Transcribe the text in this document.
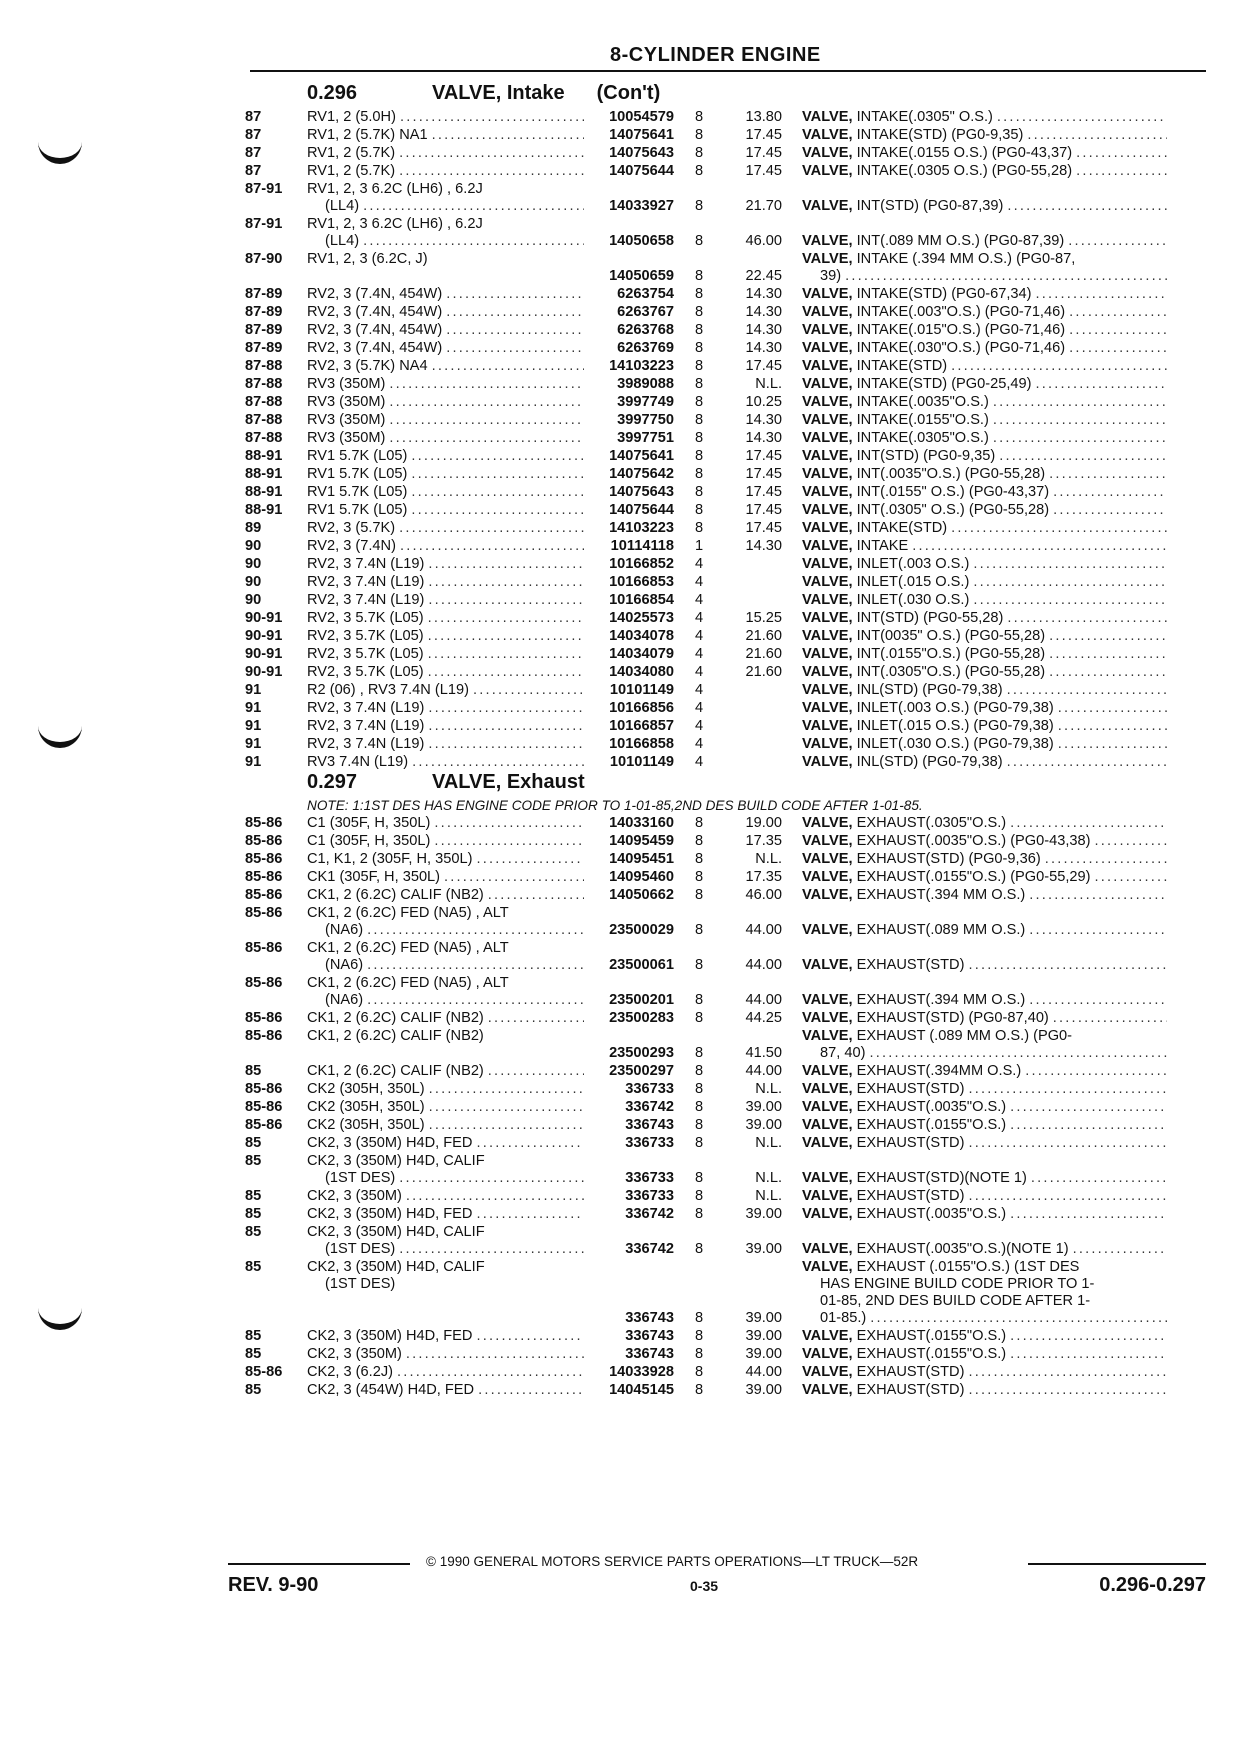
8-CYLINDER ENGINE
0.296	VALVE, Intake (Con't)
87	RV1, 2 (5.0H) .....	10054579	8	13.80 VALVE, INTAKE(.0305" O.S.)
.....
87	RV1, 2 (5.7K) NA1 .....	14075641	8	17.45 VALVE, INTAKE(STD) (PG0-9,35)
.....
87	RV1, 2 (5.7K) .....	14075643	8	17.45 VALVE, INTAKE(.0155 O.S.) (PG0-43,37)
.....
87	RV1, 2 (5.7K) .....	14075644	8	17.45 VALVE, INTAKE(.0305 O.S.) (PG0-55,28)
.....
87-91	RV1, 2, 3 6.2C (LH6) , 6.2J
(LL4) .....	14033927	8	21.70 VALVE, INT(STD) (PG0-87,39)
.....
87-91	RV1, 2, 3 6.2C (LH6) , 6.2J
(LL4) .....	14050658	8	46.00 VALVE, INT(.089 MM O.S.) (PG0-87,39)
.....
87-90	RV1, 2, 3 (6.2C, J)	VALVE, INTAKE (.394 MM O.S.) (PG0-87,
14050659	8	22.45	39)
.....
87-89	RV2, 3 (7.4N, 454W) .....	6263754	8	14.30 VALVE, INTAKE(STD) (PG0-67,34)
.....
87-89	RV2, 3 (7.4N, 454W) .....	6263767	8	14.30 VALVE, INTAKE(.003"O.S.) (PG0-71,46)
.....
87-89	RV2, 3 (7.4N, 454W) .....	6263768	8	14.30 VALVE, INTAKE(.015"O.S.) (PG0-71,46)
.....
87-89	RV2, 3 (7.4N, 454W) .....	6263769	8	14.30 VALVE, INTAKE(.030"O.S.) (PG0-71,46)
.....
87-88	RV2, 3 (5.7K) NA4 .....	14103223	8	17.45 VALVE, INTAKE(STD)
.....
87-88	RV3 (350M) .....	3989088	8	N.L. VALVE, INTAKE(STD) (PG0-25,49)
.....
87-88	RV3 (350M) .....	3997749	8	10.25 VALVE, INTAKE(.0035"O.S.)
.....
87-88	RV3 (350M) .....	3997750	8	14.30 VALVE, INTAKE(.0155"O.S.)
.....
87-88	RV3 (350M) .....	3997751	8	14.30 VALVE, INTAKE(.0305"O.S.)
.....
88-91	RV1 5.7K (L05) .....	14075641	8	17.45 VALVE, INT(STD) (PG0-9,35)
.....
88-91	RV1 5.7K (L05) .....	14075642	8	17.45 VALVE, INT(.0035"O.S.) (PG0-55,28)
.....
88-91	RV1 5.7K (L05) .....	14075643	8	17.45 VALVE, INT(.0155" O.S.) (PG0-43,37)
.....
88-91	RV1 5.7K (L05) .....	14075644	8	17.45 VALVE, INT(.0305" O.S.) (PG0-55,28)
.....
89	RV2, 3 (5.7K) .....	14103223	8	17.45 VALVE, INTAKE(STD)
.....
90	RV2, 3 (7.4N) .....	10114118	1	14.30 VALVE, INTAKE
.....
90	RV2, 3 7.4N (L19) .....	10166852	4	VALVE, INLET(.003 O.S.)
.....
90	RV2, 3 7.4N (L19) .....	10166853	4	VALVE, INLET(.015 O.S.)
.....
90	RV2, 3 7.4N (L19) .....	10166854	4	VALVE, INLET(.030 O.S.)
.....
90-91	RV2, 3 5.7K (L05) .....	14025573	4	15.25 VALVE, INT(STD) (PG0-55,28)
.....
90-91	RV2, 3 5.7K (L05) .....	14034078	4	21.60 VALVE, INT(0035" O.S.) (PG0-55,28)
.....
90-91	RV2, 3 5.7K (L05) .....	14034079	4	21.60 VALVE, INT(.0155"O.S.) (PG0-55,28)
.....
90-91	RV2, 3 5.7K (L05) .....	14034080	4	21.60 VALVE, INT(.0305"O.S.) (PG0-55,28)
.....
91	R2 (06) , RV3 7.4N (L19) .....	10101149	4	VALVE, INL(STD) (PG0-79,38)
.....
91	RV2, 3 7.4N (L19) .....	10166856	4	VALVE, INLET(.003 O.S.) (PG0-79,38)
.....
91	RV2, 3 7.4N (L19) .....	10166857	4	VALVE, INLET(.015 O.S.) (PG0-79,38)
.....
91	RV2, 3 7.4N (L19) .....	10166858	4	VALVE, INLET(.030 O.S.) (PG0-79,38)
.....
91	RV3 7.4N (L19) .....	10101149	4	VALVE, INL(STD) (PG0-79,38)
.....
0.297	VALVE, Exhaust
NOTE: 1:1ST DES HAS ENGINE CODE PRIOR TO 1-01-85,2ND DES BUILD CODE AFTER 1-01-85.
85-86	C1 (305F, H, 350L) .....	14033160	8	19.00 VALVE, EXHAUST(.0305"O.S.)
.....
85-86	C1 (305F, H, 350L) .....	14095459	8	17.35 VALVE, EXHAUST(.0035"O.S.) (PG0-43,38)
.....
85-86	C1, K1, 2 (305F, H, 350L) .....	14095451	8	N.L. VALVE, EXHAUST(STD) (PG0-9,36)
.....
85-86	CK1 (305F, H, 350L) .....	14095460	8	17.35 VALVE, EXHAUST(.0155"O.S.) (PG0-55,29)
.....
85-86	CK1, 2 (6.2C) CALIF (NB2) .....	14050662	8	46.00 VALVE, EXHAUST(.394 MM O.S.)
.....
85-86	CK1, 2 (6.2C) FED (NA5) , ALT
(NA6) .....	23500029	8	44.00 VALVE, EXHAUST(.089 MM O.S.)
.....
85-86	CK1, 2 (6.2C) FED (NA5) , ALT
(NA6) .....	23500061	8	44.00 VALVE, EXHAUST(STD)
.....
85-86	CK1, 2 (6.2C) FED (NA5) , ALT
(NA6) .....	23500201	8	44.00 VALVE, EXHAUST(.394 MM O.S.)
.....
85-86	CK1, 2 (6.2C) CALIF (NB2) .....	23500283	8	44.25 VALVE, EXHAUST(STD) (PG0-87,40)
.....
85-86	CK1, 2 (6.2C) CALIF (NB2)	VALVE, EXHAUST (.089 MM O.S.) (PG0-
23500293	8	41.50	87, 40)
.....
85	CK1, 2 (6.2C) CALIF (NB2) .....	23500297	8	44.00 VALVE, EXHAUST(.394MM O.S.)
.....
85-86	CK2 (305H, 350L) .....	336733	8	N.L. VALVE, EXHAUST(STD)
.....
85-86	CK2 (305H, 350L) .....	336742	8	39.00 VALVE, EXHAUST(.0035"O.S.)
.....
85-86	CK2 (305H, 350L) .....	336743	8	39.00 VALVE, EXHAUST(.0155"O.S.)
.....
85	CK2, 3 (350M) H4D, FED .....	336733	8	N.L. VALVE, EXHAUST(STD)
.....
85	CK2, 3 (350M) H4D, CALIF
(1ST DES) .....	336733	8	N.L. VALVE, EXHAUST(STD)(NOTE 1)
.....
85	CK2, 3 (350M) .....	336733	8	N.L. VALVE, EXHAUST(STD)
.....
85	CK2, 3 (350M) H4D, FED .....	336742	8	39.00 VALVE, EXHAUST(.0035"O.S.)
.....
85	CK2, 3 (350M) H4D, CALIF
(1ST DES) .....	336742	8	39.00 VALVE, EXHAUST(.0035"O.S.)(NOTE 1)
.....
85	CK2, 3 (350M) H4D, CALIF	VALVE, EXHAUST (.0155"O.S.) (1ST DES
(1ST DES)	HAS ENGINE BUILD CODE PRIOR TO 1-
01-85, 2ND DES BUILD CODE AFTER 1-
336743	8	39.00	01-85.)
.....
85	CK2, 3 (350M) H4D, FED .....	336743	8	39.00 VALVE, EXHAUST(.0155"O.S.)
.....
85	CK2, 3 (350M) .....	336743	8	39.00 VALVE, EXHAUST(.0155"O.S.)
.....
85-86	CK2, 3 (6.2J) .....	14033928	8	44.00 VALVE, EXHAUST(STD)
.....
85	CK2, 3 (454W) H4D, FED .....	14045145	8	39.00 VALVE, EXHAUST(STD)
.....
© 1990 GENERAL MOTORS SERVICE PARTS OPERATIONS—LT TRUCK—52R
REV. 9-90	0-35	0.296-0.297
